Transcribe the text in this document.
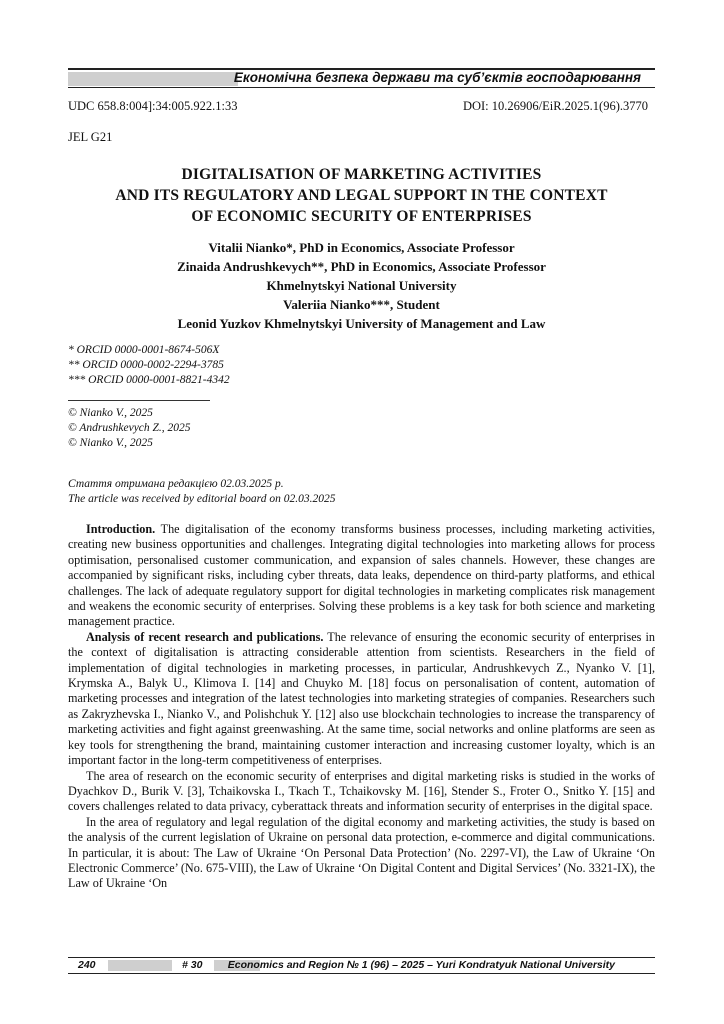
Економічна безпека держави та суб’єктів господарювання
UDC 658.8:004]:34:005.922.1:33	DOI: 10.26906/EiR.2025.1(96).3770
JEL G21
DIGITALISATION OF MARKETING ACTIVITIES
AND ITS REGULATORY AND LEGAL SUPPORT IN THE CONTEXT
OF ECONOMIC SECURITY OF ENTERPRISES
Vitalii Nianko*, PhD in Economics, Associate Professor
Zinaida Andrushkevych**, PhD in Economics, Associate Professor
Khmelnytskyi National University
Valeriia Nianko***, Student
Leonid Yuzkov Khmelnytskyi University of Management and Law
* ORCID 0000-0001-8674-506X
** ORCID 0000-0002-2294-3785
*** ORCID 0000-0001-8821-4342
© Nianko V., 2025
© Andrushkevych Z., 2025
© Nianko V., 2025
Стаття отримана редакцією 02.03.2025 р.
The article was received by editorial board on 02.03.2025

Introduction. The digitalisation of the economy transforms business processes, including marketing activities, creating new business opportunities and challenges. Integrating digital technologies into marketing allows for process optimisation, personalised customer communication, and expansion of sales channels. However, these changes are accompanied by significant risks, including cyber threats, data leaks, dependence on third-party platforms, and ethical challenges. The lack of adequate regulatory support for digital technologies in marketing complicates risk management and weakens the economic security of enterprises. Solving these problems is a key task for both science and marketing management practice.

Analysis of recent research and publications. The relevance of ensuring the economic security of enterprises in the context of digitalisation is attracting considerable attention from scientists. Researchers in the field of implementation of digital technologies in marketing processes, in particular, Andrushkevych Z., Nyanko V. [1], Krymska A., Balyk U., Klimova I. [14] and Chuyko M. [18] focus on personalisation of content, automation of marketing processes and integration of the latest technologies into marketing strategies of companies. Researchers such as Zakryzhevska I., Nianko V., and Polishchuk Y. [12] also use blockchain technologies to increase the transparency of marketing activities and fight against greenwashing. At the same time, social networks and online platforms are seen as key tools for strengthening the brand, maintaining customer interaction and increasing customer loyalty, which is an important factor in the long-term competitiveness of enterprises.

The area of research on the economic security of enterprises and digital marketing risks is studied in the works of Dyachkov D., Burik V. [3], Tchaikovska I., Tkach T., Tchaikovsky M. [16], Stender S., Froter O., Snitko Y. [15] and covers challenges related to data privacy, cyberattack threats and information security of enterprises in the digital space.

In the area of regulatory and legal regulation of the digital economy and marketing activities, the study is based on the analysis of the current legislation of Ukraine on personal data protection, e-commerce and digital communications. In particular, it is about: The Law of Ukraine ‘On Personal Data Protection’ (No. 2297-VI), the Law of Ukraine ‘On Electronic Commerce’ (No. 675-VIII), the Law of Ukraine ‘On Digital Content and Digital Services’ (No. 3321-IX), the Law of Ukraine ‘On

240	# 30 Economics and Region № 1 (96) – 2025 – Yuri Kondratyuk National University
